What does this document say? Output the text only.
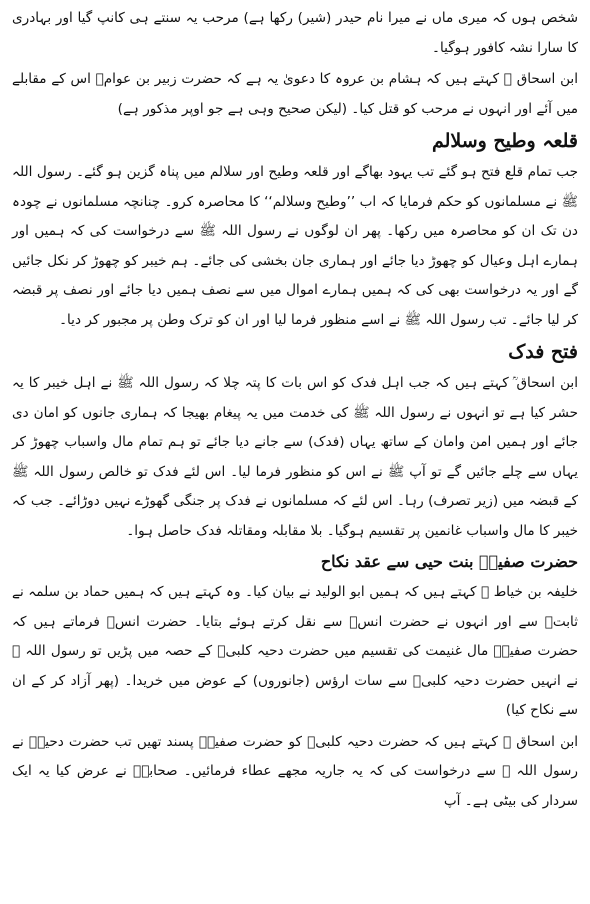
شخص ہوں کہ میری ماں نے میرا نام حیدر (شیر) رکھا ہے) مرحب یہ سنتے ہی کانپ گیا اور بہادری کا سارا نشہ کافور ہوگیا۔

ابن اسحاق ؒ کہتے ہیں کہ ہشام بن عروہ کا دعویٰ یہ ہے کہ حضرت زبیر بن عوامؓ اس کے مقابلے میں آئے اور انہوں نے مرحب کو قتل کیا۔ (لیکن صحیح وہی ہے جو اوپر مذکور ہے)

قلعہ وطیح وسلالم

جب تمام قلع فتح ہو گئے تب یہود بھاگے اور قلعہ وطیح اور سلالم میں پناہ گزین ہو گئے۔ رسول اللہ ﷺ نے مسلمانوں کو حکم فرمایا کہ اب ’’وطیح وسلالم‘‘ کا محاصرہ کرو۔ چنانچہ مسلمانوں نے چودہ دن تک ان کو محاصرہ میں رکھا۔ پھر ان لوگوں نے رسول اللہ ﷺ سے درخواست کی کہ ہمیں اور ہمارے اہل وعیال کو چھوڑ دیا جائے اور ہماری جان بخشی کی جائے۔ ہم خیبر کو چھوڑ کر نکل جائیں گے اور یہ درخواست بھی کی کہ ہمیں ہمارے اموال میں سے نصف ہمیں دیا جائے اور نصف پر قبضہ کر لیا جائے۔ تب رسول اللہ ﷺ نے اسے منظور فرما لیا اور ان کو ترک وطن پر مجبور کر دیا۔

فتح فدک

ابن اسحاق ؒ کہتے ہیں کہ جب اہل فدک کو اس بات کا پتہ چلا کہ رسول اللہ ﷺ نے اہل خیبر کا یہ حشر کیا ہے تو انہوں نے رسول اللہ ﷺ کی خدمت میں یہ پیغام بھیجا کہ ہماری جانوں کو امان دی جائے اور ہمیں امن وامان کے ساتھ یہاں (فدک) سے جانے دیا جائے تو ہم تمام مال واسباب چھوڑ کر یہاں سے چلے جائیں گے تو آپ ﷺ نے اس کو منظور فرما لیا۔ اس لئے فدک تو خالص رسول اللہ ﷺ کے قبضہ میں (زیر تصرف) رہا۔ اس لئے کہ مسلمانوں نے فدک پر جنگی گھوڑے نہیں دوڑائے۔ جب کہ خیبر کا مال واسباب غانمین پر تقسیم ہوگیا۔ بلا مقابلہ ومقاتلہ فدک حاصل ہوا۔

حضرت صفیہؓ بنت حیی سے عقد نکاح

خلیفہ بن خیاط ؒ کہتے ہیں کہ ہمیں ابو الولید نے بیان کیا۔ وہ کہتے ہیں کہ ہمیں حماد بن سلمہ نے ثابتؒ سے اور انہوں نے حضرت انسؓ سے نقل کرتے ہوئے بتایا۔ حضرت انسؓ فرماتے ہیں کہ حضرت صفیہؓ مال غنیمت کی تقسیم میں حضرت دحیہ کلبیؓ کے حصہ میں پڑیں تو رسول اللہ ﷺ نے انہیں حضرت دحیہ کلبیؓ سے سات ارؤس (جانوروں) کے عوض میں خریدا۔ (پھر آزاد کر کے ان سے نکاح کیا)

ابن اسحاق ؒ کہتے ہیں کہ حضرت دحیہ کلبیؓ کو حضرت صفیہؓ پسند تھیں تب حضرت دحیہؓ نے رسول اللہ ﷺ سے درخواست کی کہ یہ جاریہ مجھے عطاء فرمائیں۔ صحابہؓ نے عرض کیا یہ ایک سردار کی بیٹی ہے۔ آپ
